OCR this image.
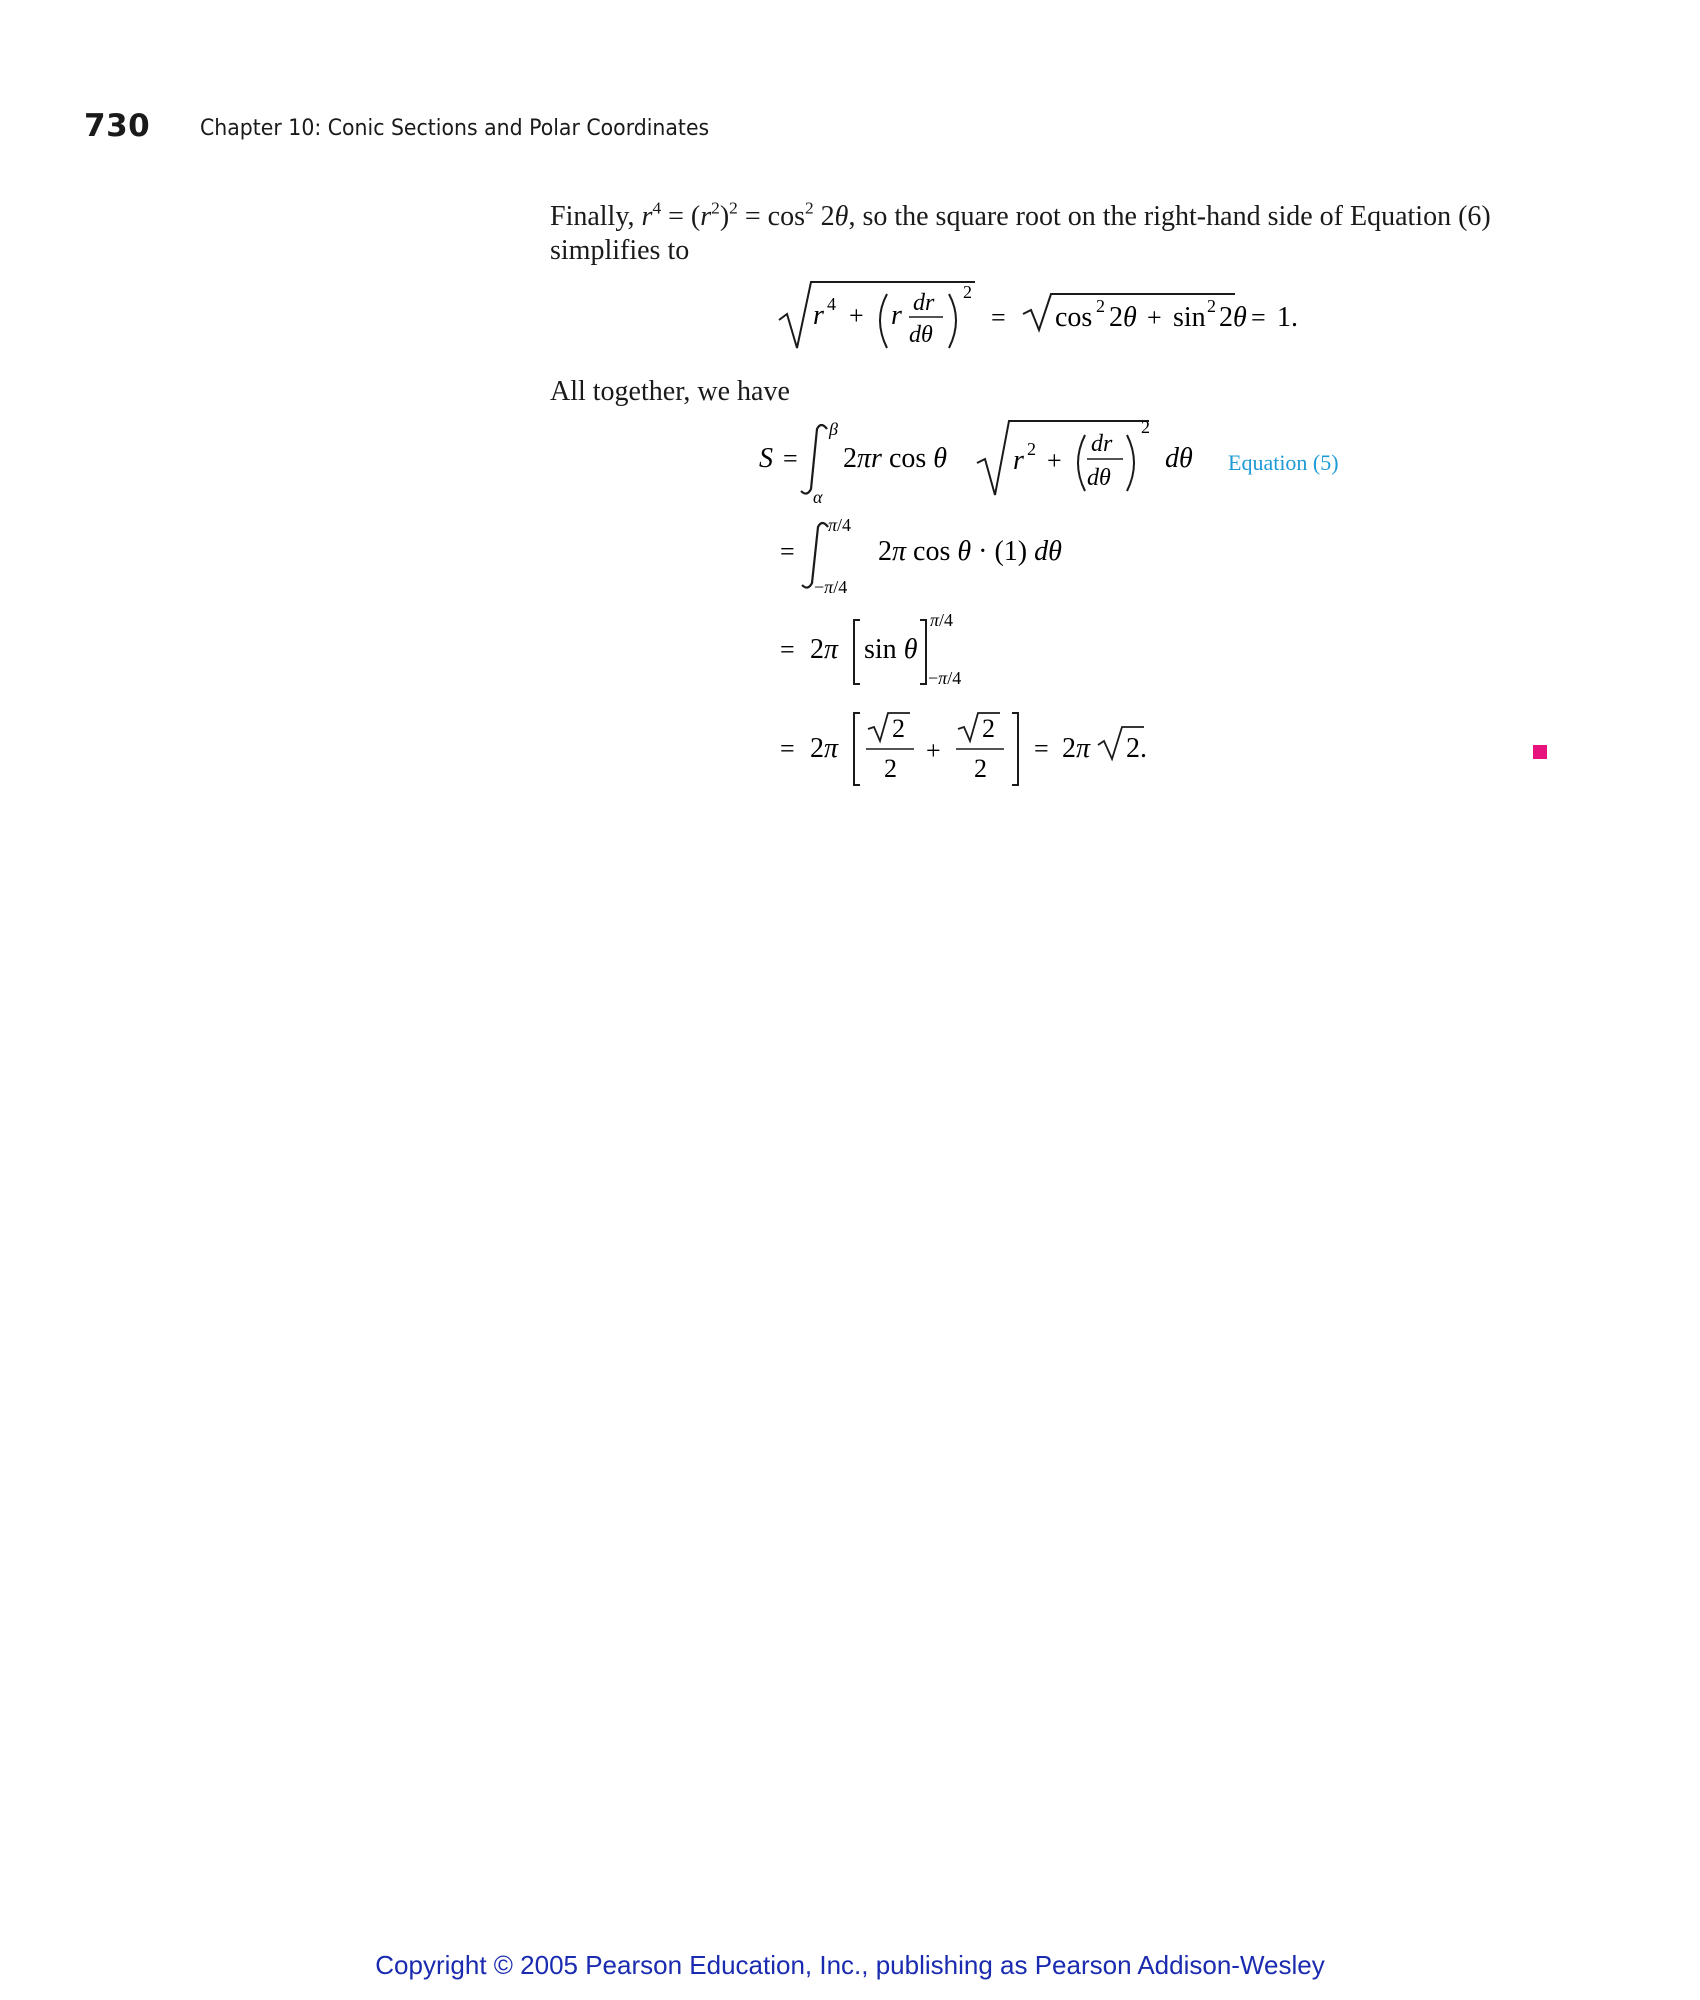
730 Chapter 10: Conic Sections and Polar Coordinates
Finally, $r^4 = (r^2)^2 = \cos^2 2\theta$, so the square root on the right-hand side of Equation (6)
simplifies to
r 4 + r dr
dθ
2
= cos 2 2θ + sin 2 2θ = 1.
All together, we have
S =
β
α
2πr cos θ r 2 +
dr
dθ
2
dθ Equation (5)
=
π/4
−π/4
2π cos θ · (1) dθ
= 2π sin θ
π/4
−π/4
= 2π
2
2
+
2
2
= 2π 2.
Copyright © 2005 Pearson Education, Inc., publishing as Pearson Addison-Wesley
